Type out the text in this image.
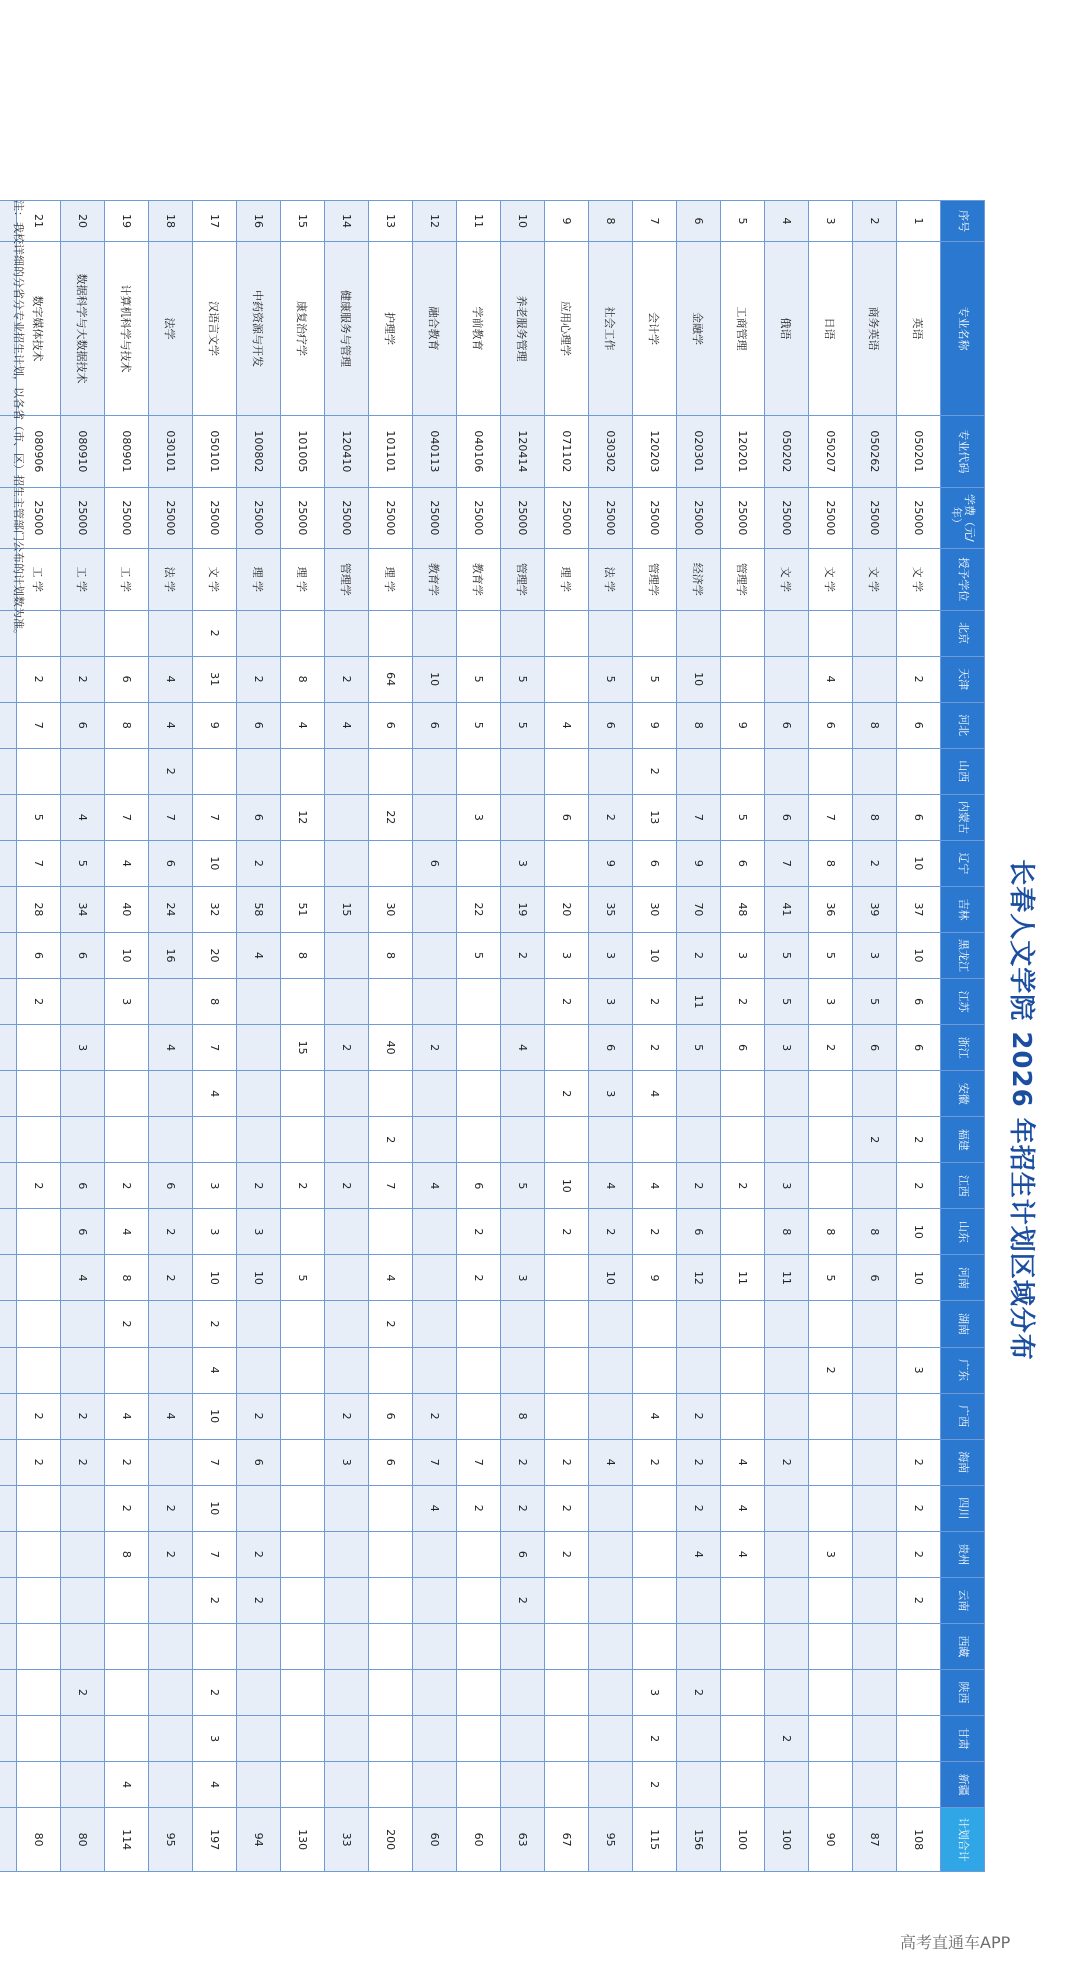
长春人文学院 2026 年招生计划区域分布
序号	专业名称	专业代码	学费（元/年）	授予学位	北京	天津	河北	山西	内蒙古	辽宁	吉林	黑龙江	江苏	浙江	安徽	福建	江西	山东	河南	湖南	广东	广西	海南	四川	贵州	云南	西藏	陕西	甘肃	新疆	计划合计
1	英语	050201	25000	文 学		2	6		6	10	37	10	6	6		2	2	10	10		3		2	2	2	2					108
2	商务英语	050262	25000	文 学			8		8	2	39	3	5	6		2		8	6												87
3	日语	050207	25000	文 学		4	6		7	8	36	5	3	2				8	5		2				3						90
4	俄语	050202	25000	文 学			6		6	7	41	5	5	3			3	8	11				2						2		100
5	工商管理	120201	25000	管理学			9		5	6	48	3	2	6			2		11				4	4	4						100
6	金融学	020301	25000	经济学		10	8		7	9	70	2	11	5			2	6	12			2	2	2	4			2			156
7	会计学	120203	25000	管理学		5	9	2	13	6	30	10	2	2	4		4	2	9			4	2					3	2	2	115
8	社会工作	030302	25000	法 学		5	6		2	9	35	3	3	6	3		4	2	10				4								95
9	应用心理学	071102	25000	理 学			4		6		20	3	2		2		10	2					2	2	2						67
10	养老服务管理	120414	25000	管理学		5	5			3	19	2		4			5		3			8	2	2	6	2					63
11	学前教育	040106	25000	教育学		5	5		3		22	5					6	2	2				7	2							60
12	融合教育	040113	25000	教育学		10	6			6				2			4					2	7	4							60
13	护理学	101101	25000	理 学		64	6		22		30	8		40		2	7		4	2		6	6								200
14	健康服务与管理	120410	25000	管理学		2	4				15			2			2					2	3								33
15	康复治疗学	101005	25000	理 学		8	4		12		51	8		15			2		5												130
16	中药资源与开发	100802	25000	理 学		2	6		6	2	58	4					2	3	10			2	6		2	2					94
17	汉语言文学	050101	25000	文 学	2	31	9		7	10	32	20	8	7	4		3	3	10	2	4	10	7	10	7	2		2	3	4	197
18	法学	030101	25000	法 学		4	4	2	7	6	24	16		4			6	2	2			4		2	2						95
19	计算机科学与技术	080901	25000	工 学		6	8		7	4	40	10	3				2	4	8	2		4	2	2	8					4	114
20	数据科学与大数据技术	080910	25000	工 学		2	6		4	5	34	6		3			6	6	4			2	2					2			80
21	数字媒体技术	080906	25000	工 学		2	7		5	7	28	6	2				2					2	2								80

注：我校详细的分省分专业招生计划，以各省（市、区）招生主管部门公布的计划数为准。
高考直通车APP
